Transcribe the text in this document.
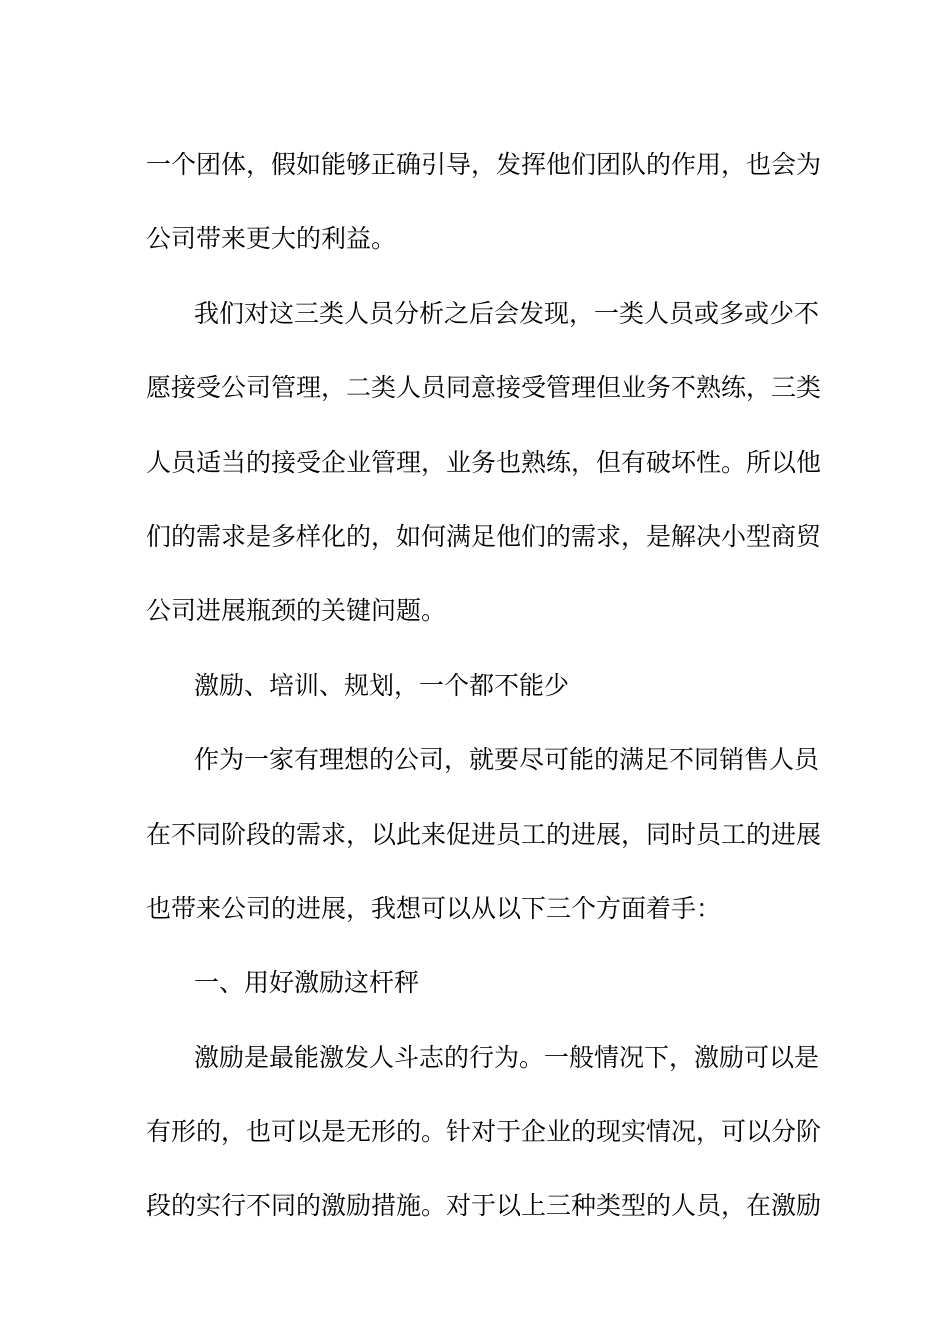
一个团体，假如能够正确引导，发挥他们团队的作用，也会为
公司带来更大的利益。
我们对这三类人员分析之后会发现，一类人员或多或少不
愿接受公司管理，二类人员同意接受管理但业务不熟练，三类
人员适当的接受企业管理，业务也熟练，但有破坏性。所以他
们的需求是多样化的，如何满足他们的需求，是解决小型商贸
公司进展瓶颈的关键问题。
激励、培训、规划，一个都不能少
作为一家有理想的公司，就要尽可能的满足不同销售人员
在不同阶段的需求，以此来促进员工的进展，同时员工的进展
也带来公司的进展，我想可以从以下三个方面着手：
一、用好激励这杆秤
激励是最能激发人斗志的行为。一般情况下，激励可以是
有形的，也可以是无形的。针对于企业的现实情况，可以分阶
段的实行不同的激励措施。对于以上三种类型的人员，在激励
